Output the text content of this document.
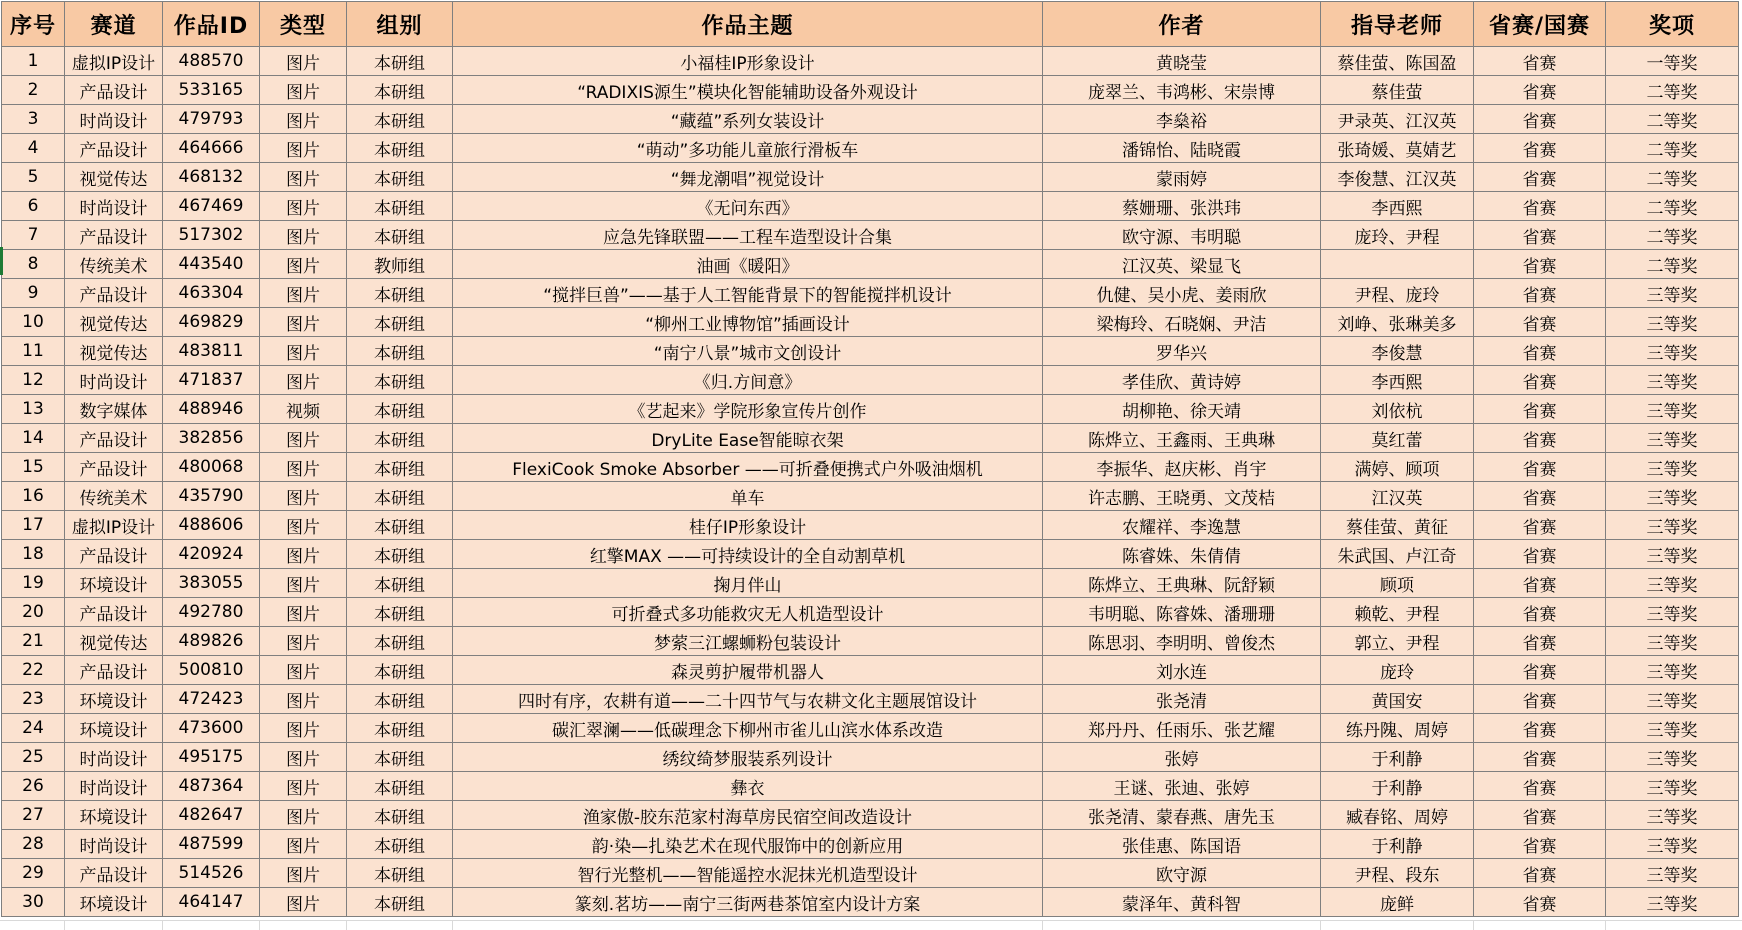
序号	赛道	作品ID	类型	组别	作品主题	作者	指导老师	省赛/国赛	奖项
1	虚拟IP设计	488570	图片	本研组	小福桂IP形象设计	黄晓莹	蔡佳萤、陈国盈	省赛	一等奖
2	产品设计	533165	图片	本研组	“RADIXIS源生”模块化智能辅助设备外观设计	庞翠兰、韦鸿彬、宋崇博	蔡佳萤	省赛	二等奖
3	时尚设计	479793	图片	本研组	“藏蕴”系列女装设计	李燊裕	尹录英、江汉英	省赛	二等奖
4	产品设计	464666	图片	本研组	“萌动”多功能儿童旅行滑板车	潘锦怡、陆晓霞	张琦媛、莫婧艺	省赛	二等奖
5	视觉传达	468132	图片	本研组	“舞龙潮唱”视觉设计	蒙雨婷	李俊慧、江汉英	省赛	二等奖
6	时尚设计	467469	图片	本研组	《无问东西》	蔡姗珊、张洪玮	李西熙	省赛	二等奖
7	产品设计	517302	图片	本研组	应急先锋联盟——工程车造型设计合集	欧守源、韦明聪	庞玲、尹程	省赛	二等奖
8	传统美术	443540	图片	教师组	油画《暖阳》	江汉英、梁显飞		省赛	二等奖
9	产品设计	463304	图片	本研组	“搅拌巨兽”——基于人工智能背景下的智能搅拌机设计	仇健、吴小虎、姜雨欣	尹程、庞玲	省赛	三等奖
10	视觉传达	469829	图片	本研组	“柳州工业博物馆”插画设计	梁梅玲、石晓娴、尹洁	刘峥、张琳美多	省赛	三等奖
11	视觉传达	483811	图片	本研组	“南宁八景”城市文创设计	罗华兴	李俊慧	省赛	三等奖
12	时尚设计	471837	图片	本研组	《归.方间意》	孝佳欣、黄诗婷	李西熙	省赛	三等奖
13	数字媒体	488946	视频	本研组	《艺起来》学院形象宣传片创作	胡柳艳、徐天靖	刘依杭	省赛	三等奖
14	产品设计	382856	图片	本研组	DryLite Ease智能晾衣架	陈烨立、王鑫雨、王典琳	莫红蕾	省赛	三等奖
15	产品设计	480068	图片	本研组	FlexiCook Smoke Absorber ——可折叠便携式户外吸油烟机	李振华、赵庆彬、肖宇	满婷、顾项	省赛	三等奖
16	传统美术	435790	图片	本研组	单车	许志鹏、王晓勇、文茂桔	江汉英	省赛	三等奖
17	虚拟IP设计	488606	图片	本研组	桂仔IP形象设计	农耀祥、李逸慧	蔡佳萤、黄征	省赛	三等奖
18	产品设计	420924	图片	本研组	红擎MAX ——可持续设计的全自动割草机	陈睿姝、朱倩倩	朱武国、卢江奇	省赛	三等奖
19	环境设计	383055	图片	本研组	掬月伴山	陈烨立、王典琳、阮舒颖	顾项	省赛	三等奖
20	产品设计	492780	图片	本研组	可折叠式多功能救灾无人机造型设计	韦明聪、陈睿姝、潘珊珊	赖乾、尹程	省赛	三等奖
21	视觉传达	489826	图片	本研组	梦萦三江螺蛳粉包装设计	陈思羽、李明明、曾俊杰	郭立、尹程	省赛	三等奖
22	产品设计	500810	图片	本研组	森灵剪护履带机器人	刘水连	庞玲	省赛	三等奖
23	环境设计	472423	图片	本研组	四时有序，农耕有道——二十四节气与农耕文化主题展馆设计	张尧清	黄国安	省赛	三等奖
24	环境设计	473600	图片	本研组	碳汇翠澜——低碳理念下柳州市雀儿山滨水体系改造	郑丹丹、任雨乐、张艺耀	练丹隗、周婷	省赛	三等奖
25	时尚设计	495175	图片	本研组	绣纹绮梦服装系列设计	张婷	于利静	省赛	三等奖
26	时尚设计	487364	图片	本研组	彝衣	王谜、张迪、张婷	于利静	省赛	三等奖
27	环境设计	482647	图片	本研组	渔家傲-胶东范家村海草房民宿空间改造设计	张尧清、蒙春燕、唐先玉	臧春铭、周婷	省赛	三等奖
28	时尚设计	487599	图片	本研组	韵·染—扎染艺术在现代服饰中的创新应用	张佳惠、陈国语	于利静	省赛	三等奖
29	产品设计	514526	图片	本研组	智行光整机——智能遥控水泥抹光机造型设计	欧守源	尹程、段东	省赛	三等奖
30	环境设计	464147	图片	本研组	篆刻.茗坊——南宁三街两巷茶馆室内设计方案	蒙泽年、黄科智	庞鲜	省赛	三等奖
